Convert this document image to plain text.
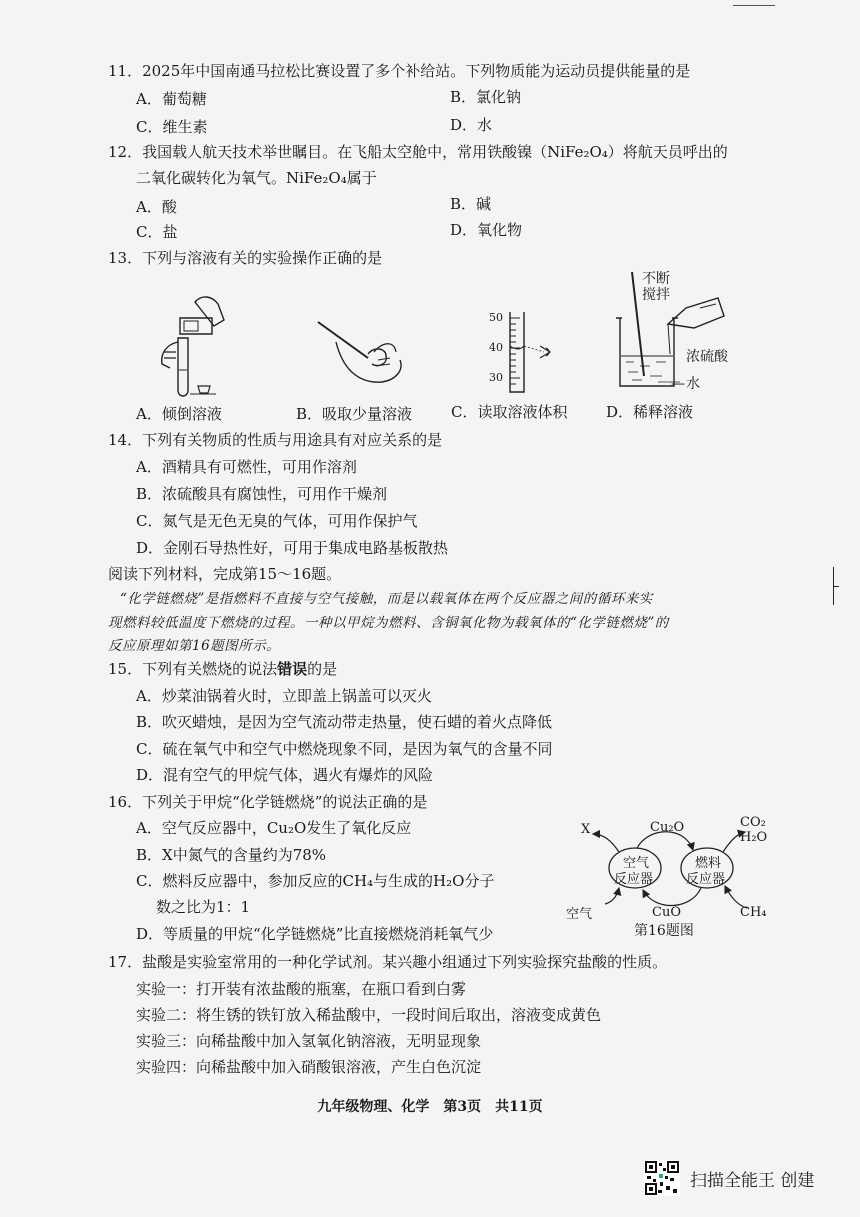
11．2025年中国南通马拉松比赛设置了多个补给站。下列物质能为运动员提供能量的是
A．葡萄糖	B．氯化钠
C．维生素	D．水
12．我国载人航天技术举世瞩目。在飞船太空舱中，常用铁酸镍（NiFe₂O₄）将航天员呼出的
二氧化碳转化为氧气。NiFe₂O₄属于
A．酸	B．碱
C．盐	D．氧化物
13．下列与溶液有关的实验操作正确的是
50
40
30
不断
搅拌
浓硫酸
水
—
A．倾倒溶液	B．吸取少量溶液	C．读取溶液体积	D．稀释溶液
14．下列有关物质的性质与用途具有对应关系的是
A．酒精具有可燃性，可用作溶剂
B．浓硫酸具有腐蚀性，可用作干燥剂
C．氮气是无色无臭的气体，可用作保护气
D．金刚石导热性好，可用于集成电路基板散热
阅读下列材料，完成第15～16题。
“化学链燃烧”是指燃料不直接与空气接触，而是以载氧体在两个反应器之间的循环来实
现燃料较低温度下燃烧的过程。一种以甲烷为燃料、含铜氧化物为载氧体的“化学链燃烧”的
反应原理如第16题图所示。
15．下列有关燃烧的说法错误的是
A．炒菜油锅着火时，立即盖上锅盖可以灭火
B．吹灭蜡烛，是因为空气流动带走热量，使石蜡的着火点降低
C．硫在氧气中和空气中燃烧现象不同，是因为氧气的含量不同
D．混有空气的甲烷气体，遇火有爆炸的风险
16．下列关于甲烷“化学链燃烧”的说法正确的是
A．空气反应器中，Cu₂O发生了氧化反应
B．X中氮气的含量约为78%
C．燃料反应器中，参加反应的CH₄与生成的H₂O分子
数之比为1：1
D．等质量的甲烷“化学链燃烧”比直接燃烧消耗氧气少
X	Cu₂O	CO₂
H₂O
空气
反应器
燃料
反应器
空气	CuO	CH₄
第16题图
17．盐酸是实验室常用的一种化学试剂。某兴趣小组通过下列实验探究盐酸的性质。
实验一：打开装有浓盐酸的瓶塞，在瓶口看到白雾
实验二：将生锈的铁钉放入稀盐酸中，一段时间后取出，溶液变成黄色
实验三：向稀盐酸中加入氢氧化钠溶液，无明显现象
实验四：向稀盐酸中加入硝酸银溶液，产生白色沉淀
九年级物理、化学　第3页　共11页
扫描全能王 创建
